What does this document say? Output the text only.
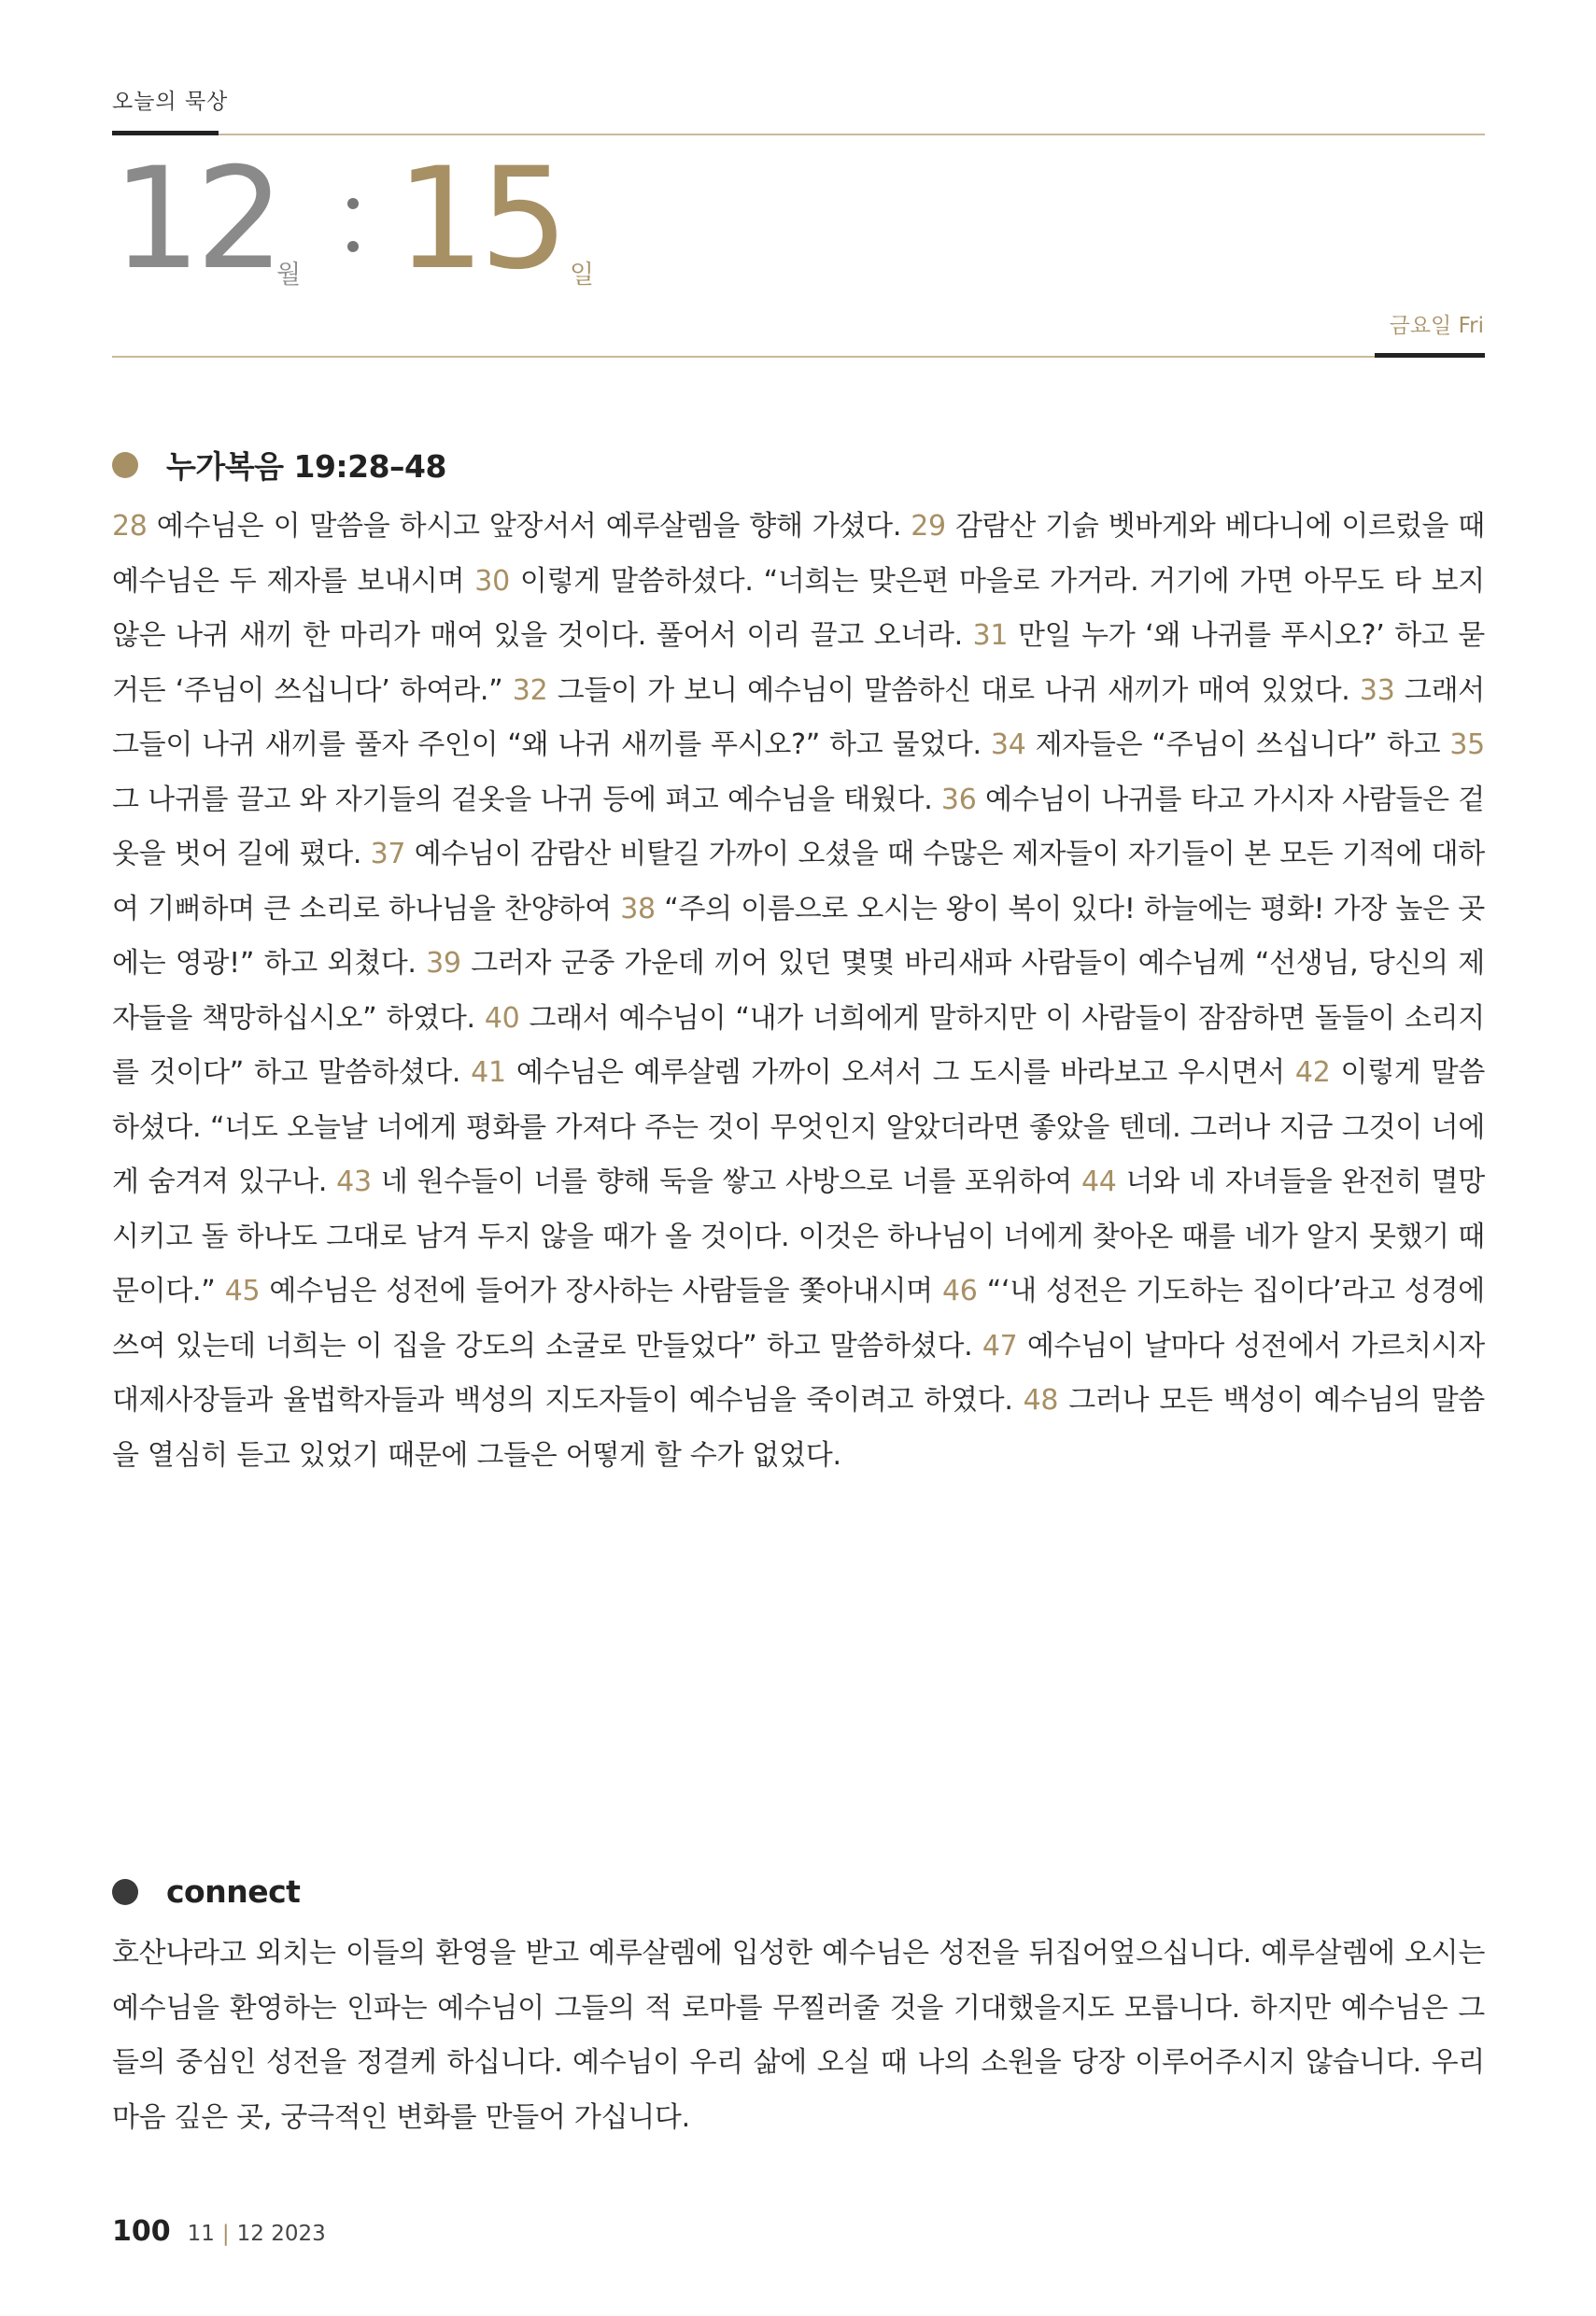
오늘의 묵상
12
월 15 일
금요일 Fri
누가복음 19:28–48
28 예수님은 이 말씀을 하시고 앞장서서 예루살렘을 향해 가셨다. 29 감람산 기슭 벳바게와 베다니에 이르렀을 때 예수님은 두 제자를 보내시며 30 이렇게 말씀하셨다. “너희는 맞은편 마을로 가거라. 거기에 가면 아무도 타 보지 않은 나귀 새끼 한 마리가 매여 있을 것이다. 풀어서 이리 끌고 오너라. 31 만일 누가 ‘왜 나귀를 푸시오?’ 하고 묻거든 ‘주님이 쓰십니다’ 하여라.” 32 그들이 가 보니 예수님이 말씀하신 대로 나귀 새끼가 매여 있었다. 33 그래서 그들이 나귀 새끼를 풀자 주인이 “왜 나귀 새끼를 푸시오?” 하고 물었다. 34 제자들은 “주님이 쓰십니다” 하고 35 그 나귀를 끌고 와 자기들의 겉옷을 나귀 등에 펴고 예수님을 태웠다. 36 예수님이 나귀를 타고 가시자 사람들은 겉옷을 벗어 길에 폈다. 37 예수님이 감람산 비탈길 가까이 오셨을 때 수많은 제자들이 자기들이 본 모든 기적에 대하여 기뻐하며 큰 소리로 하나님을 찬양하여 38 “주의 이름으로 오시는 왕이 복이 있다! 하늘에는 평화! 가장 높은 곳에는 영광!” 하고 외쳤다. 39 그러자 군중 가운데 끼어 있던 몇몇 바리새파 사람들이 예수님께 “선생님, 당신의 제자들을 책망하십시오” 하였다. 40 그래서 예수님이 “내가 너희에게 말하지만 이 사람들이 잠잠하면 돌들이 소리지를 것이다” 하고 말씀하셨다. 41 예수님은 예루살렘 가까이 오셔서 그 도시를 바라보고 우시면서 42 이렇게 말씀하셨다. “너도 오늘날 너에게 평화를 가져다 주는 것이 무엇인지 알았더라면 좋았을 텐데. 그러나 지금 그것이 너에게 숨겨져 있구나. 43 네 원수들이 너를 향해 둑을 쌓고 사방으로 너를 포위하여 44 너와 네 자녀들을 완전히 멸망시키고 돌 하나도 그대로 남겨 두지 않을 때가 올 것이다. 이것은 하나님이 너에게 찾아온 때를 네가 알지 못했기 때문이다.” 45 예수님은 성전에 들어가 장사하는 사람들을 쫓아내시며 46 “‘내 성전은 기도하는 집이다’라고 성경에 쓰여 있는데 너희는 이 집을 강도의 소굴로 만들었다” 하고 말씀하셨다. 47 예수님이 날마다 성전에서 가르치시자 대제사장들과 율법학자들과 백성의 지도자들이 예수님을 죽이려고 하였다. 48 그러나 모든 백성이 예수님의 말씀을 열심히 듣고 있었기 때문에 그들은 어떻게 할 수가 없었다.
connect
호산나라고 외치는 이들의 환영을 받고 예루살렘에 입성한 예수님은 성전을 뒤집어엎으십니다. 예루살렘에 오시는 예수님을 환영하는 인파는 예수님이 그들의 적 로마를 무찔러줄 것을 기대했을지도 모릅니다. 하지만 예수님은 그들의 중심인 성전을 정결케 하십니다. 예수님이 우리 삶에 오실 때 나의 소원을 당장 이루어주시지 않습니다. 우리 마음 깊은 곳, 궁극적인 변화를 만들어 가십니다.
100 11 | 12 2023
